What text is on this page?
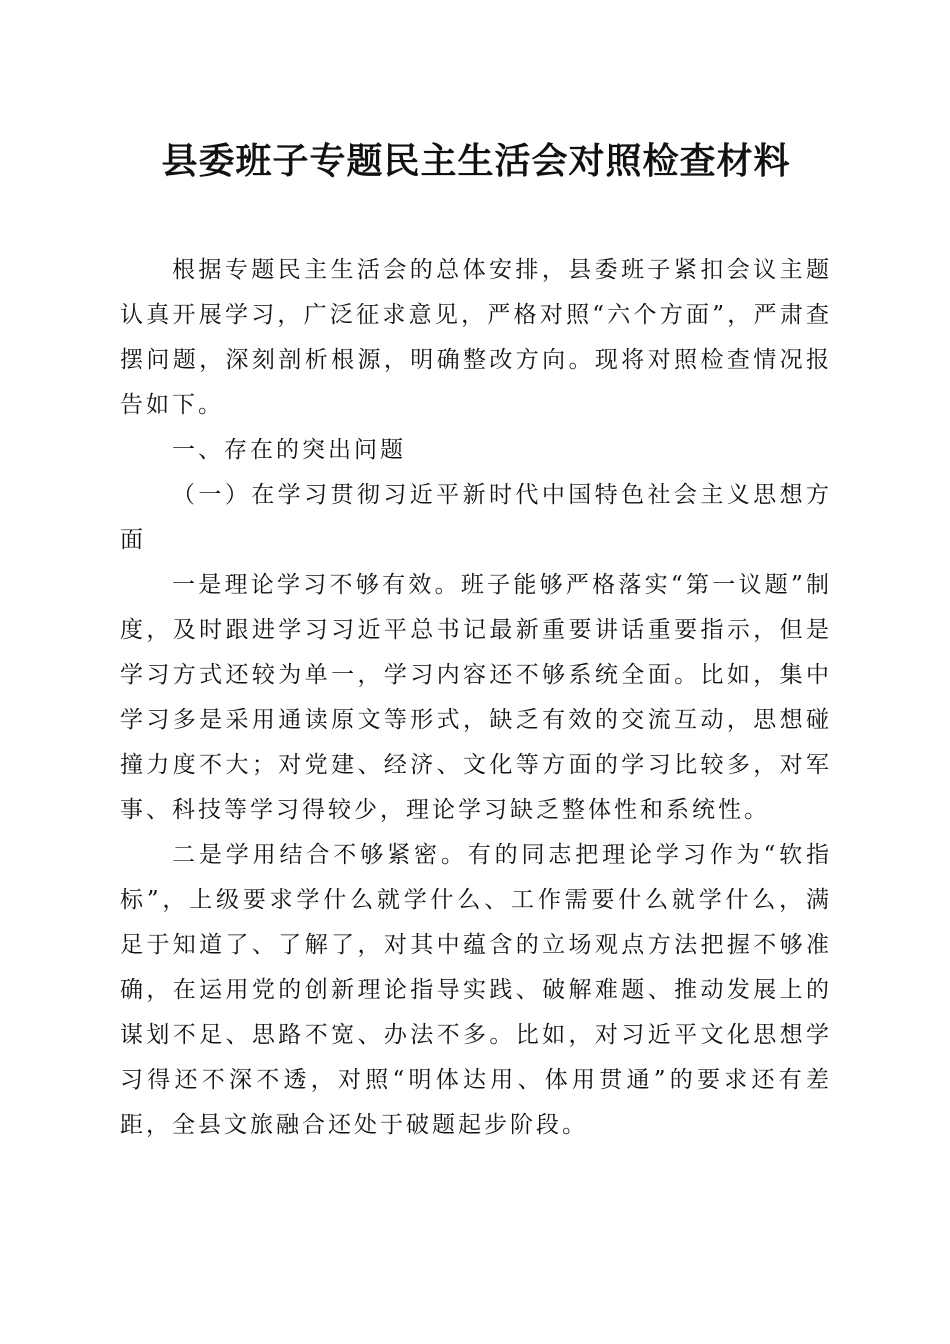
县委班子专题民主生活会对照检查材料

根据专题民主生活会的总体安排，县委班子紧扣会议主题认真开展学习，广泛征求意见，严格对照“六个方面”，严肃查摆问题，深刻剖析根源，明确整改方向。现将对照检查情况报告如下。

一、存在的突出问题

（一）在学习贯彻习近平新时代中国特色社会主义思想方面

一是理论学习不够有效。班子能够严格落实“第一议题”制度，及时跟进学习习近平总书记最新重要讲话重要指示，但是学习方式还较为单一，学习内容还不够系统全面。比如，集中学习多是采用通读原文等形式，缺乏有效的交流互动，思想碰撞力度不大；对党建、经济、文化等方面的学习比较多，对军事、科技等学习得较少，理论学习缺乏整体性和系统性。

二是学用结合不够紧密。有的同志把理论学习作为“软指标”，上级要求学什么就学什么、工作需要什么就学什么，满足于知道了、了解了，对其中蕴含的立场观点方法把握不够准确，在运用党的创新理论指导实践、破解难题、推动发展上的谋划不足、思路不宽、办法不多。比如，对习近平文化思想学习得还不深不透，对照“明体达用、体用贯通”的要求还有差距，全县文旅融合还处于破题起步阶段。
